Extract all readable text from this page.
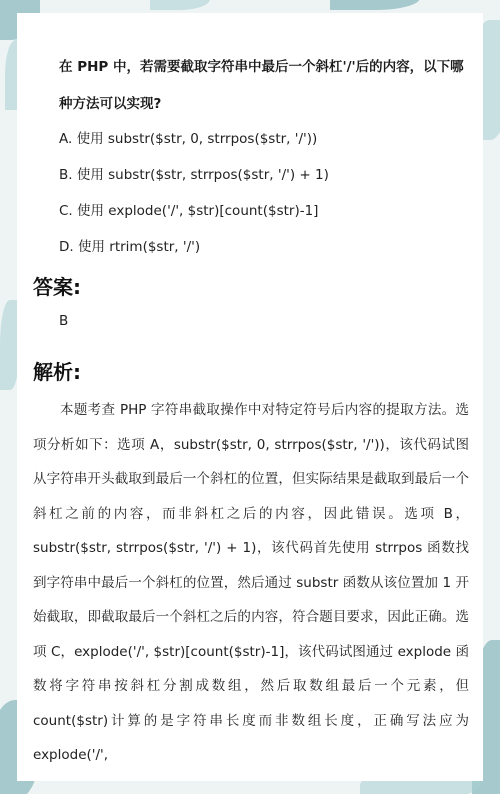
在 PHP 中，若需要截取字符串中最后一个斜杠'/'后的内容，以下哪种方法可以实现?
A. 使用 substr($str, 0, strrpos($str, '/'))
B. 使用 substr($str, strrpos($str, '/') + 1)
C. 使用 explode('/', $str)[count($str)-1]
D. 使用 rtrim($str, '/')
答案:
B
解析:
本题考查 PHP 字符串截取操作中对特定符号后内容的提取方法。选项分析如下：选项 A，substr($str, 0, strrpos($str, '/'))，该代码试图从字符串开头截取到最后一个斜杠的位置，但实际结果是截取到最后一个斜杠之前的内容，而非斜杠之后的内容，因此错误。选项 B，substr($str, strrpos($str, '/') + 1)，该代码首先使用 strrpos 函数找到字符串中最后一个斜杠的位置，然后通过 substr 函数从该位置加 1 开始截取，即截取最后一个斜杠之后的内容，符合题目要求，因此正确。选项 C，explode('/', $str)[count($str)-1]，该代码试图通过 explode 函数将字符串按斜杠分割成数组，然后取数组最后一个元素，但 count($str)计算的是字符串长度而非数组长度，正确写法应为 explode('/',
